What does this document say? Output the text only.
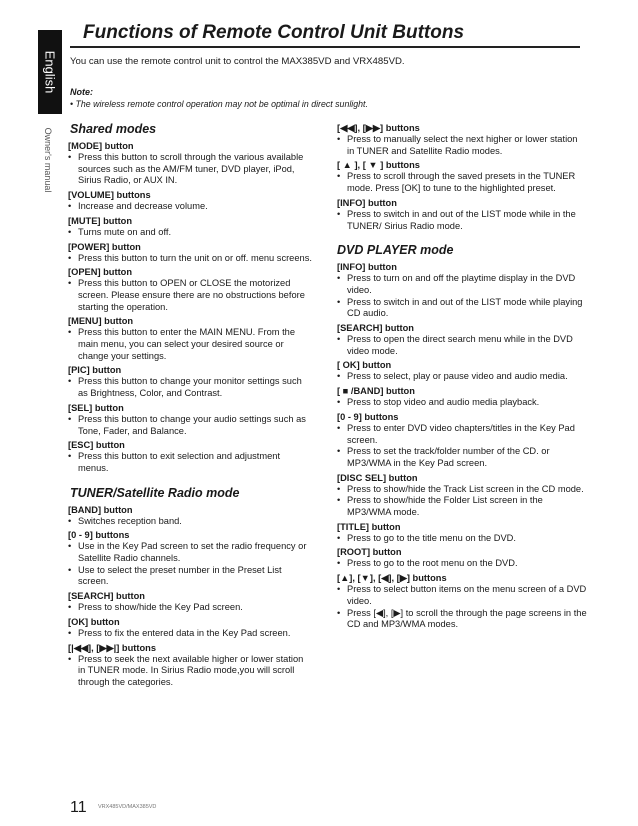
English
Owner's manual
Functions of Remote Control Unit Buttons

You can use the remote control unit to control the MAX385VD and VRX485VD.

Note:

• The wireless remote control operation may not be optimal in direct sunlight.

Shared modes

[MODE] button

• Press this button to scroll through the various available sources such as the AM/FM tuner, DVD player, iPod, Sirius Radio, or AUX IN.

[VOLUME] buttons

• Increase and decrease volume.

[MUTE] button

• Turns mute on and off.

[POWER] button

• Press this button to turn the unit on or off. menu screens.

[OPEN] button

• Press this button to OPEN or CLOSE the motorized screen. Please ensure there are no obstructions before starting the operation.

[MENU] button

• Press this button to enter the MAIN MENU. From the main menu, you can select your desired source or change your settings.

[PIC] button

• Press this button to change your monitor settings such as Brightness, Color, and Contrast.

[SEL] button

• Press this button to change your audio settings such as Tone, Fader, and Balance.

[ESC] button

• Press this button to exit selection and adjustment menus.

TUNER/Satellite Radio mode

[BAND] button

• Switches reception band.

[0 - 9] buttons

• Use in the Key Pad screen to set the radio frequency or Satellite Radio channels.

• Use to select the preset number in the Preset List screen.

[SEARCH] button

• Press to show/hide the Key Pad screen.

[OK] button

• Press to fix the entered data in the Key Pad screen.

[|◀◀], [▶▶|] buttons

• Press to seek the next available higher or lower station in TUNER mode. In Sirius Radio mode,you will scroll through the categories.

[◀◀], [▶▶] buttons

• Press to manually select the next higher or lower station in TUNER and Satellite Radio modes.

[ ▲ ], [ ▼ ] buttons

• Press to scroll through the saved presets in the TUNER mode. Press [OK] to tune to the highlighted preset.

[INFO] button

• Press to switch in and out of the LIST mode while in the TUNER/ Sirius Radio mode.

DVD PLAYER mode

[INFO] button

• Press to turn on and off the playtime display in the DVD video.

• Press to switch in and out of the LIST mode while playing CD audio.

[SEARCH] button

• Press to open the direct search menu while in the DVD video mode.

[ OK] button

• Press to select, play or pause video and audio media.

[ ■ /BAND] button

• Press to stop video and audio media playback.

[0 - 9] buttons

• Press to enter DVD video chapters/titles in the Key Pad screen.

• Press to set the track/folder number of the CD. or MP3/WMA in the Key Pad screen.

[DISC SEL] button

• Press to show/hide the Track List screen in the CD mode.

• Press to show/hide the Folder List screen in the MP3/WMA mode.

[TITLE] button

• Press to go to the title menu on the DVD.

[ROOT] button

• Press to go to the root menu on the DVD.

[▲], [▼], [◀], [▶] buttons

• Press to select button items on the menu screen of a DVD video.

• Press [◀], [▶] to scroll the through the page screens in the CD and MP3/WMA modes.

11 VRX485VD/MAX385VD
